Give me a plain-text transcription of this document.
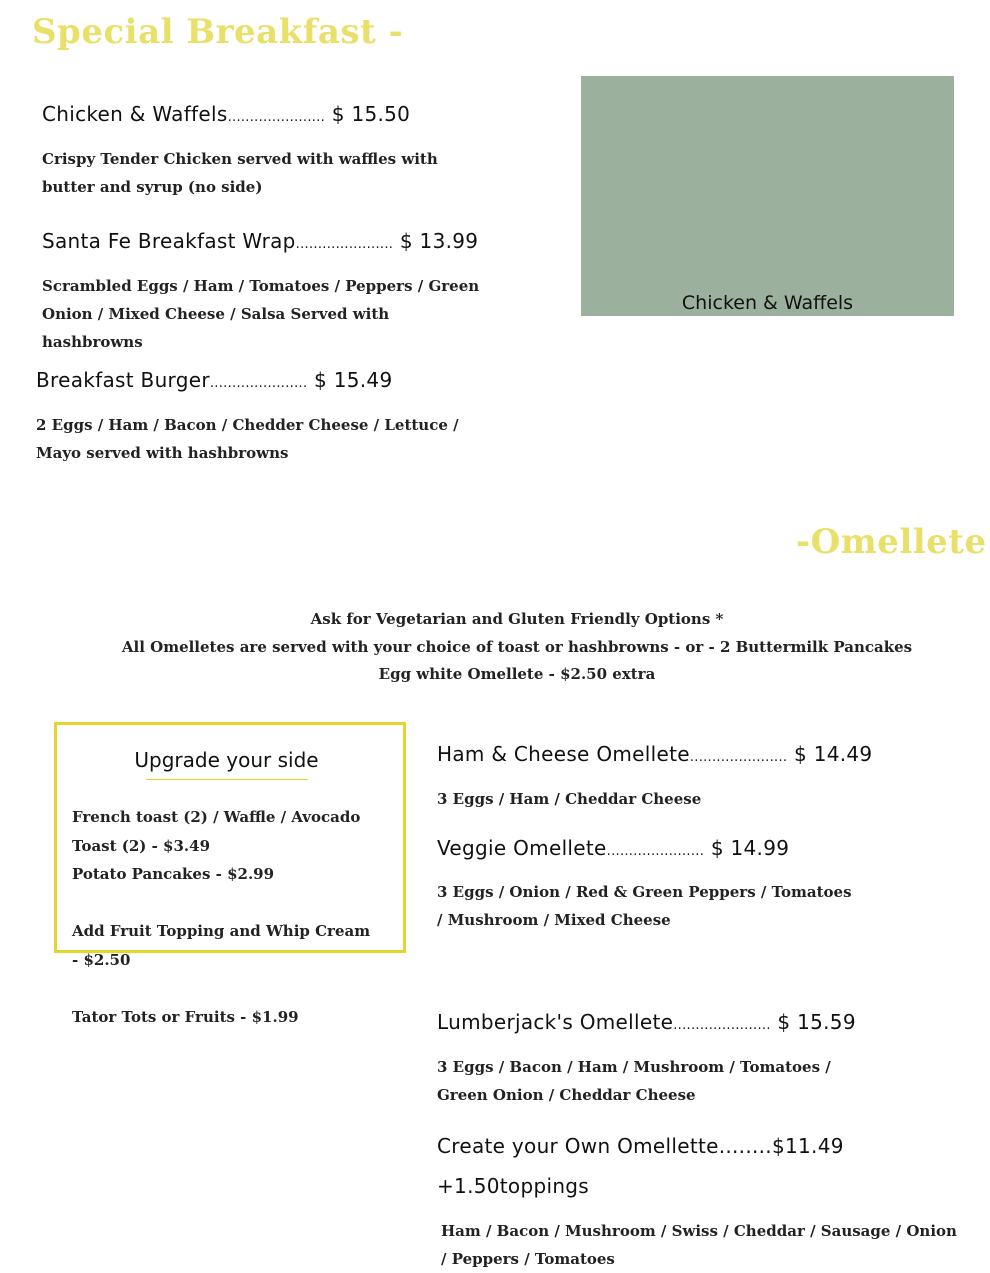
Special Breakfast -
Chicken & Waffels...................... $ 15.50
Crispy Tender Chicken served with waffles with butter and syrup (no side)
Santa Fe Breakfast Wrap...................... $ 13.99
Scrambled Eggs / Ham / Tomatoes / Peppers / Green Onion / Mixed Cheese / Salsa Served with hashbrowns
Breakfast Burger...................... $ 15.49
2 Eggs / Ham / Bacon / Chedder Cheese / Lettuce / Mayo served with hashbrowns
Chicken & Waffels
-Omellete
Ask for Vegetarian and Gluten Friendly Options *
All Omelletes are served with your choice of toast or hashbrowns - or - 2 Buttermilk Pancakes
Egg white Omellete - $2.50 extra
Upgrade your side
French toast (2) / Waffle / Avocado Toast (2) - $3.49
Potato Pancakes - $2.99
Add Fruit Topping and Whip Cream - $2.50
Tator Tots or Fruits - $1.99
Ham & Cheese Omellete...................... $ 14.49
3 Eggs / Ham / Cheddar Cheese
Veggie Omellete...................... $ 14.99
3 Eggs / Onion / Red & Green Peppers / Tomatoes / Mushroom / Mixed Cheese
Lumberjack's Omellete...................... $ 15.59
3 Eggs / Bacon / Ham / Mushroom / Tomatoes / Green Onion / Cheddar Cheese
Create your Own Omellette........$11.49
+1.50toppings
Ham / Bacon / Mushroom / Swiss / Cheddar / Sausage / Onion / Peppers / Tomatoes
